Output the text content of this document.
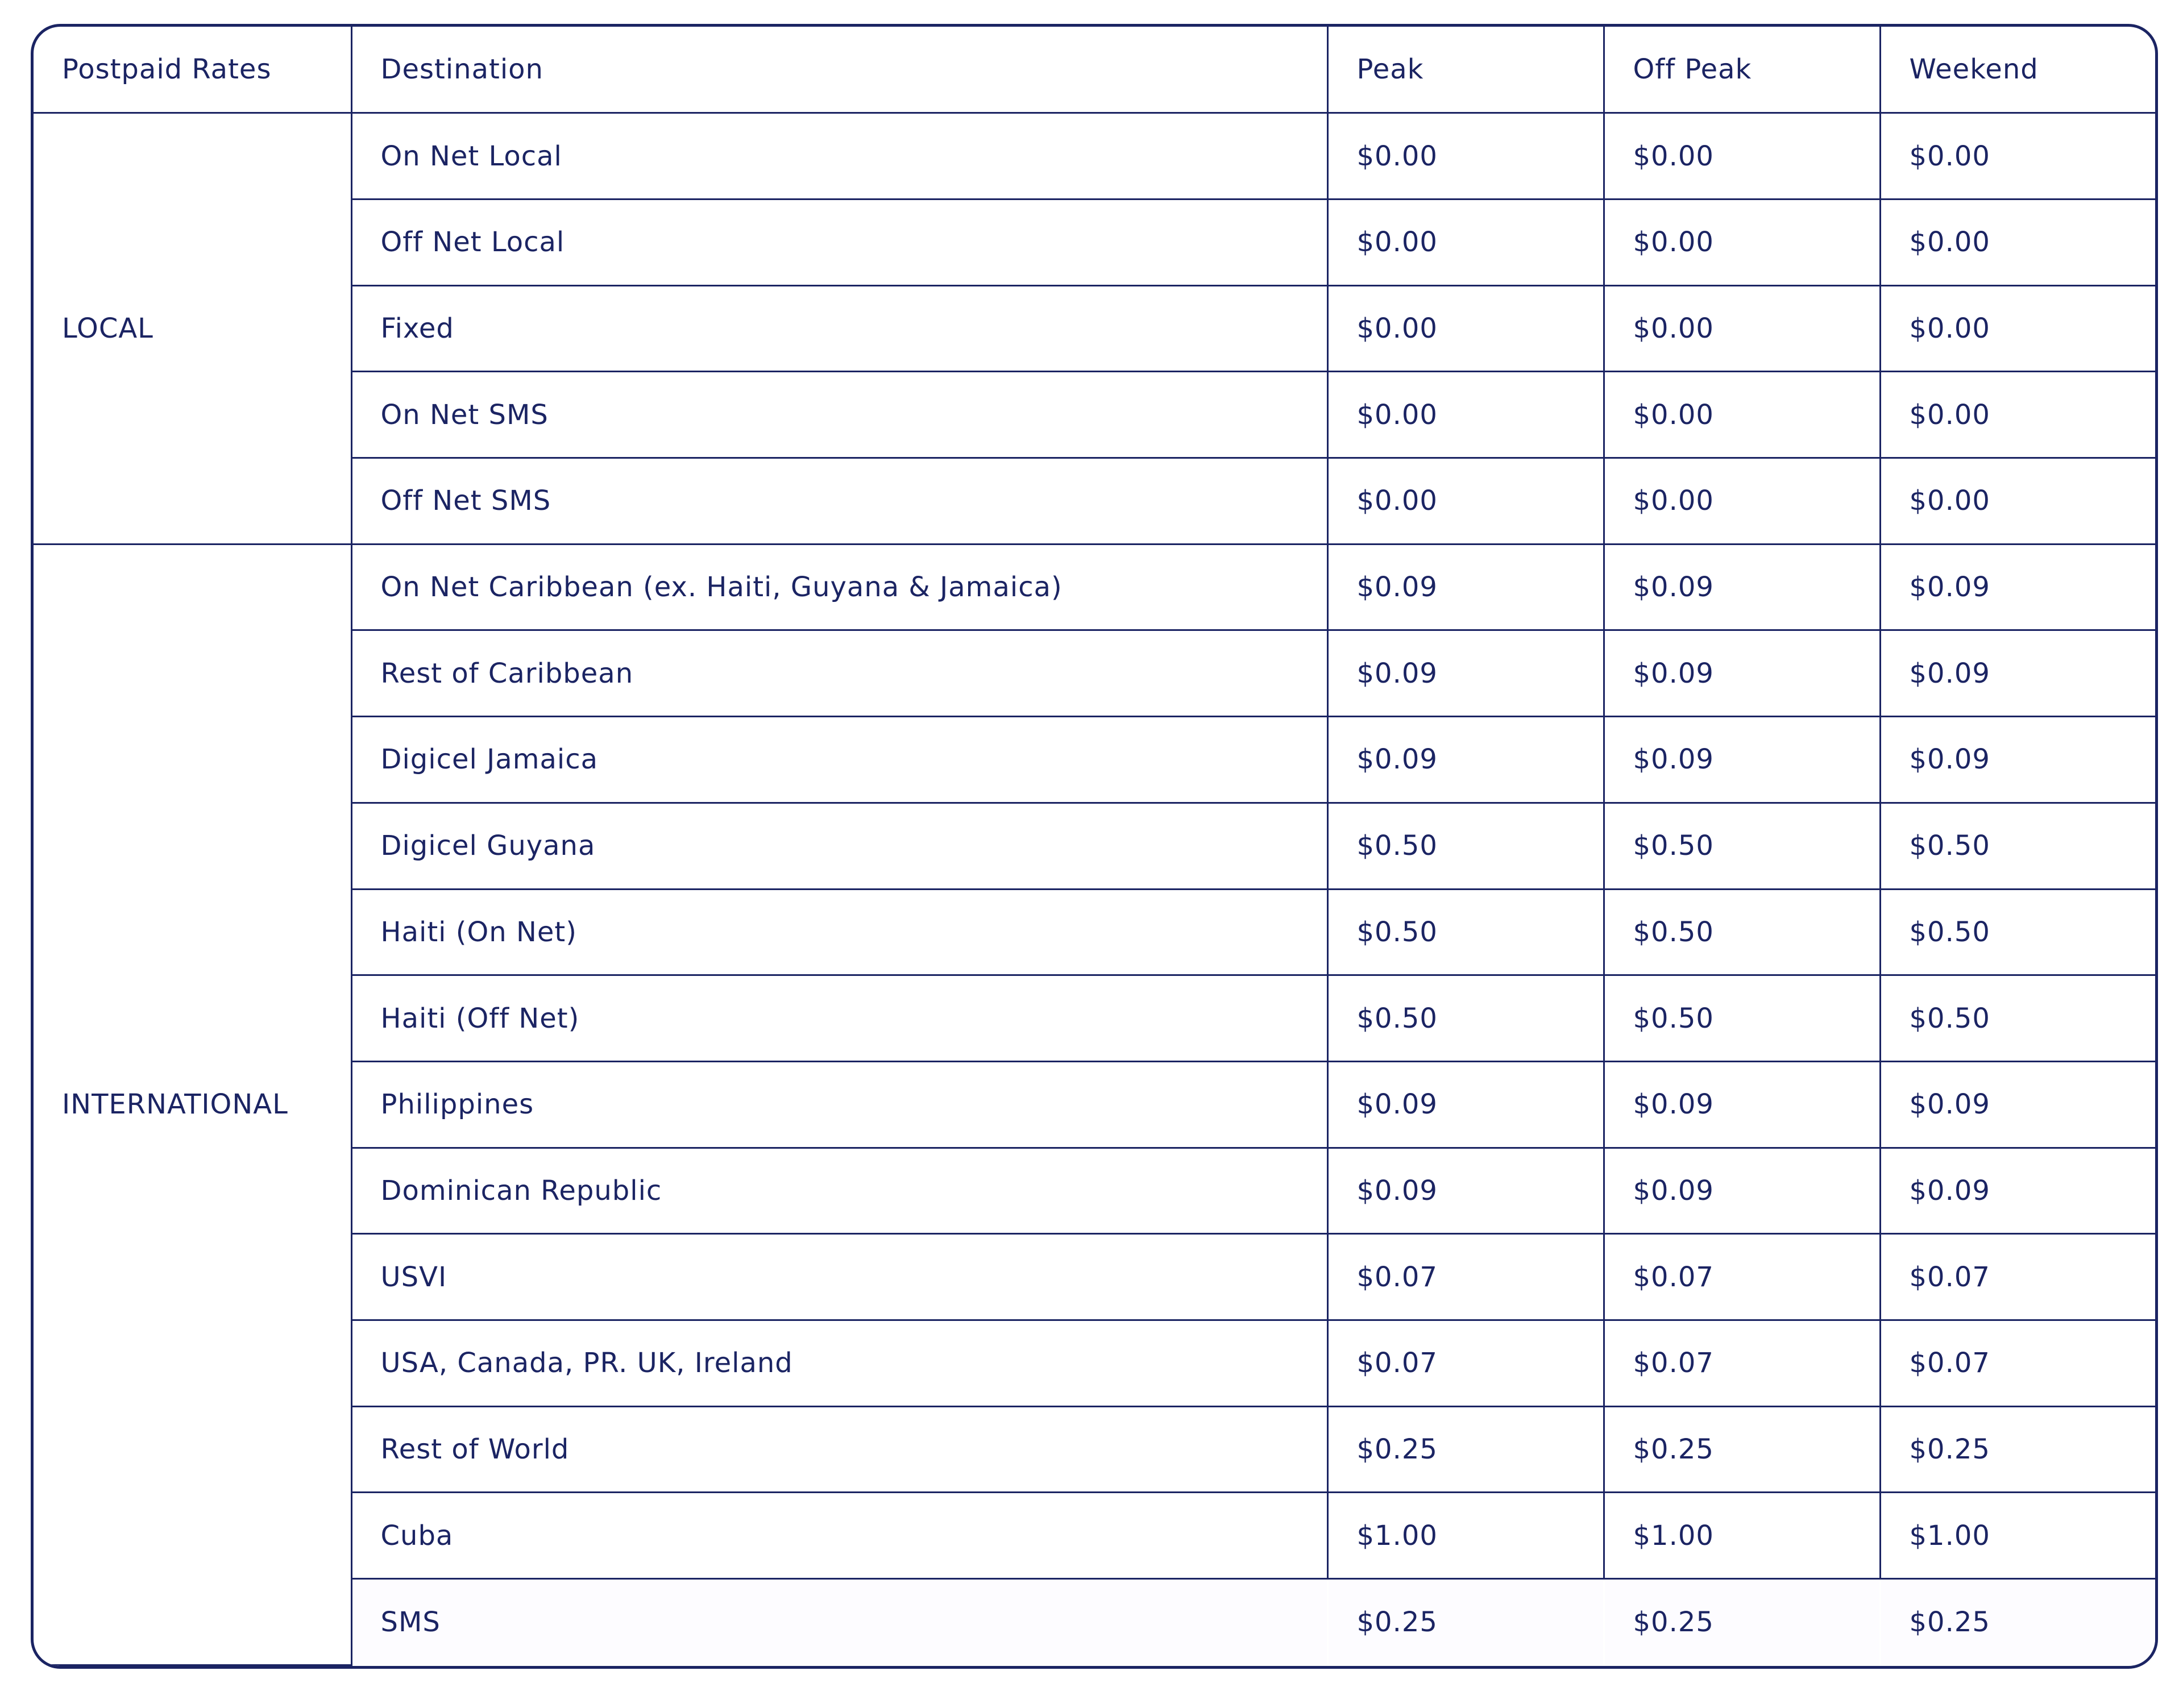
Postpaid Rates	Destination	Peak	Off Peak	Weekend
LOCAL	On Net Local	$0.00	$0.00	$0.00
	Off Net Local	$0.00	$0.00	$0.00
	Fixed	$0.00	$0.00	$0.00
	On Net SMS	$0.00	$0.00	$0.00
	Off Net SMS	$0.00	$0.00	$0.00
INTERNATIONAL	On Net Caribbean (ex. Haiti, Guyana & Jamaica)	$0.09	$0.09	$0.09
	Rest of Caribbean	$0.09	$0.09	$0.09
	Digicel Jamaica	$0.09	$0.09	$0.09
	Digicel Guyana	$0.50	$0.50	$0.50
	Haiti (On Net)	$0.50	$0.50	$0.50
	Haiti (Off Net)	$0.50	$0.50	$0.50
	Philippines	$0.09	$0.09	$0.09
	Dominican Republic	$0.09	$0.09	$0.09
	USVI	$0.07	$0.07	$0.07
	USA, Canada, PR. UK, Ireland	$0.07	$0.07	$0.07
	Rest of World	$0.25	$0.25	$0.25
	Cuba	$1.00	$1.00	$1.00
	SMS	$0.25	$0.25	$0.25
